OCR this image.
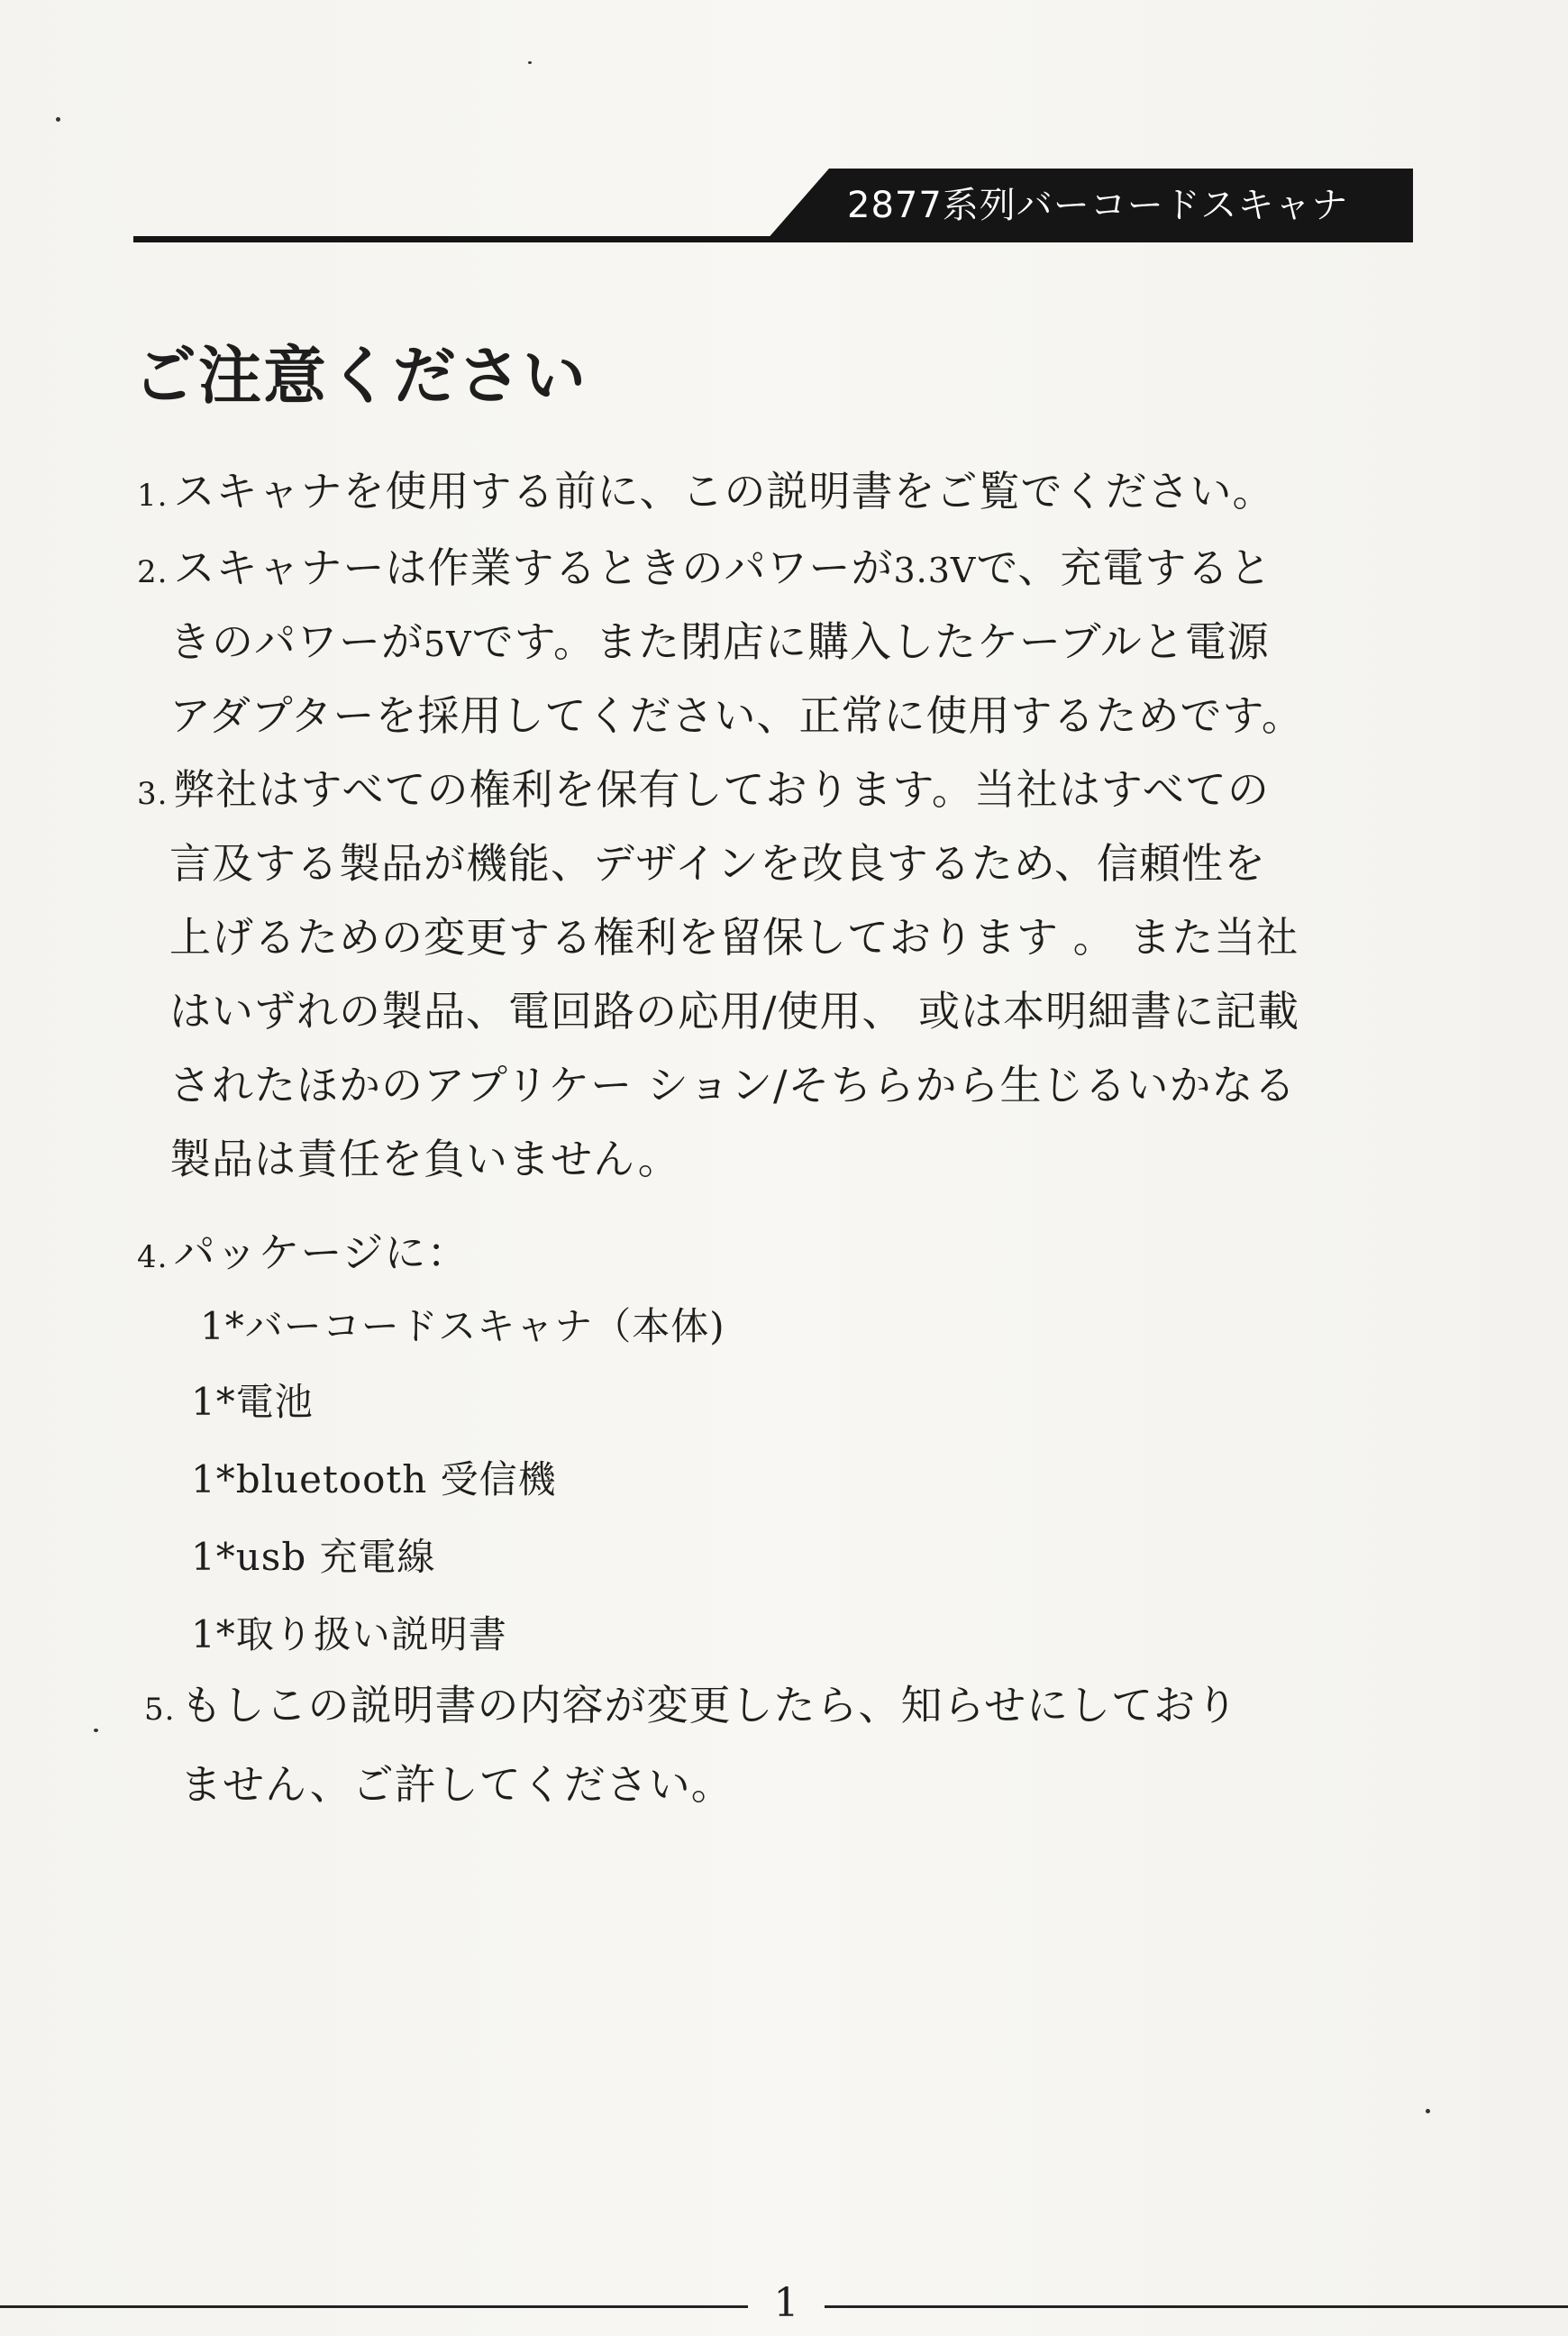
2877系列バーコードスキャナ
ご注意ください
1. スキャナを使用する前に、この説明書をご覧でください。
2. スキャナーは作業するときのパワーが3.3Vで、充電すると
きのパワーが5Vです。また閉店に購入したケーブルと電源
アダプターを採用してください、正常に使用するためです。
3. 弊社はすべての権利を保有しております。当社はすべての
言及する製品が機能、デザインを改良するため、信頼性を
上げるための変更する権利を留保しております 。 また当社
はいずれの製品、電回路の応用/使用、 或は本明細書に記載
されたほかのアプリケー ション/そちらから生じるいかなる
製品は責任を負いません。
4. パッケージに：
1*バーコードスキャナ（本体)
1*電池
1*bluetooth 受信機
1*usb 充電線
1*取り扱い説明書
5. もしこの説明書の内容が変更したら、知らせにしており
ません、ご許してください。
1
